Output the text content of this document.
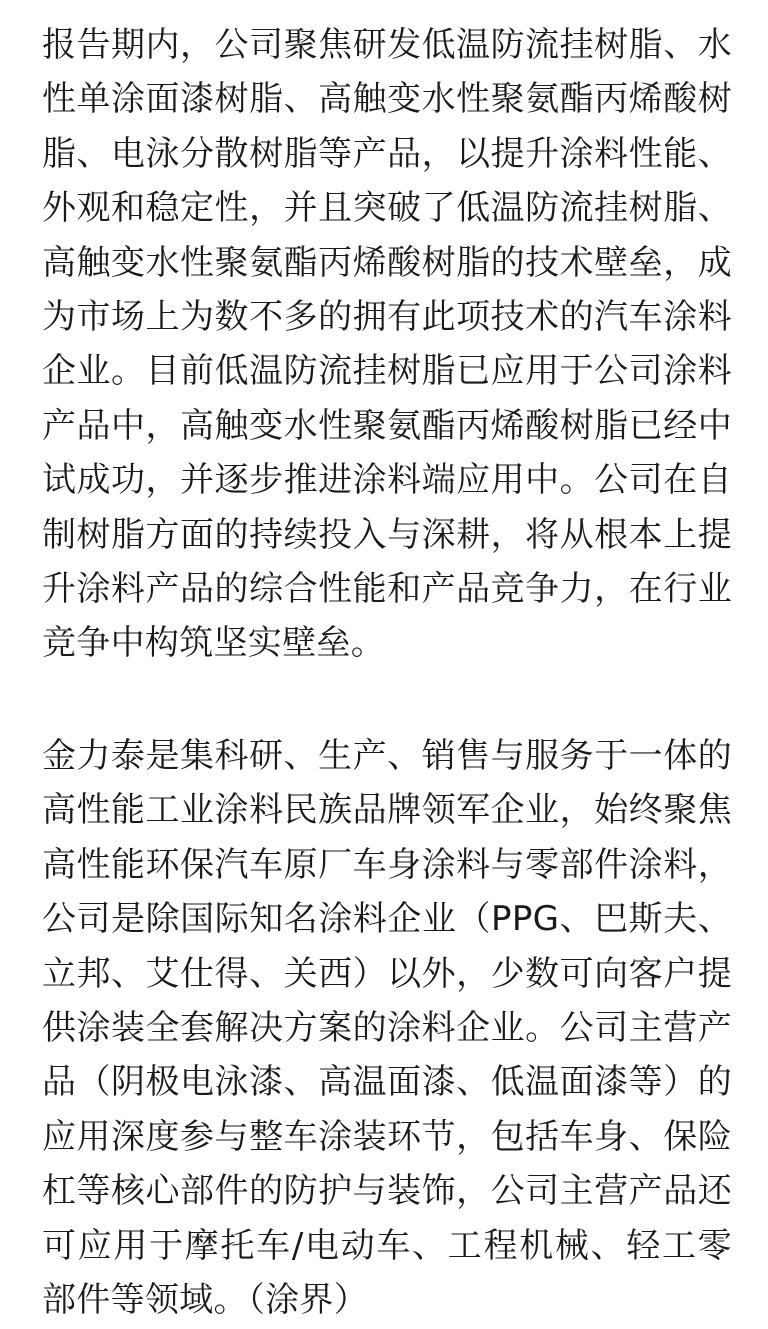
报告期内，公司聚焦研发低温防流挂树脂、水性单涂面漆树脂、高触变水性聚氨酯丙烯酸树脂、电泳分散树脂等产品，以提升涂料性能、外观和稳定性，并且突破了低温防流挂树脂、高触变水性聚氨酯丙烯酸树脂的技术壁垒，成为市场上为数不多的拥有此项技术的汽车涂料企业。目前低温防流挂树脂已应用于公司涂料产品中，高触变水性聚氨酯丙烯酸树脂已经中试成功，并逐步推进涂料端应用中。公司在自制树脂方面的持续投入与深耕，将从根本上提升涂料产品的综合性能和产品竞争力，在行业竞争中构筑坚实壁垒。

金力泰是集科研、生产、销售与服务于一体的高性能工业涂料民族品牌领军企业，始终聚焦高性能环保汽车原厂车身涂料与零部件涂料，公司是除国际知名涂料企业（PPG、巴斯夫、立邦、艾仕得、关西）以外，少数可向客户提供涂装全套解决方案的涂料企业。公司主营产品（阴极电泳漆、高温面漆、低温面漆等）的应用深度参与整车涂装环节，包括车身、保险杠等核心部件的防护与装饰，公司主营产品还可应用于摩托车/电动车、工程机械、轻工零部件等领域。（涂界）
